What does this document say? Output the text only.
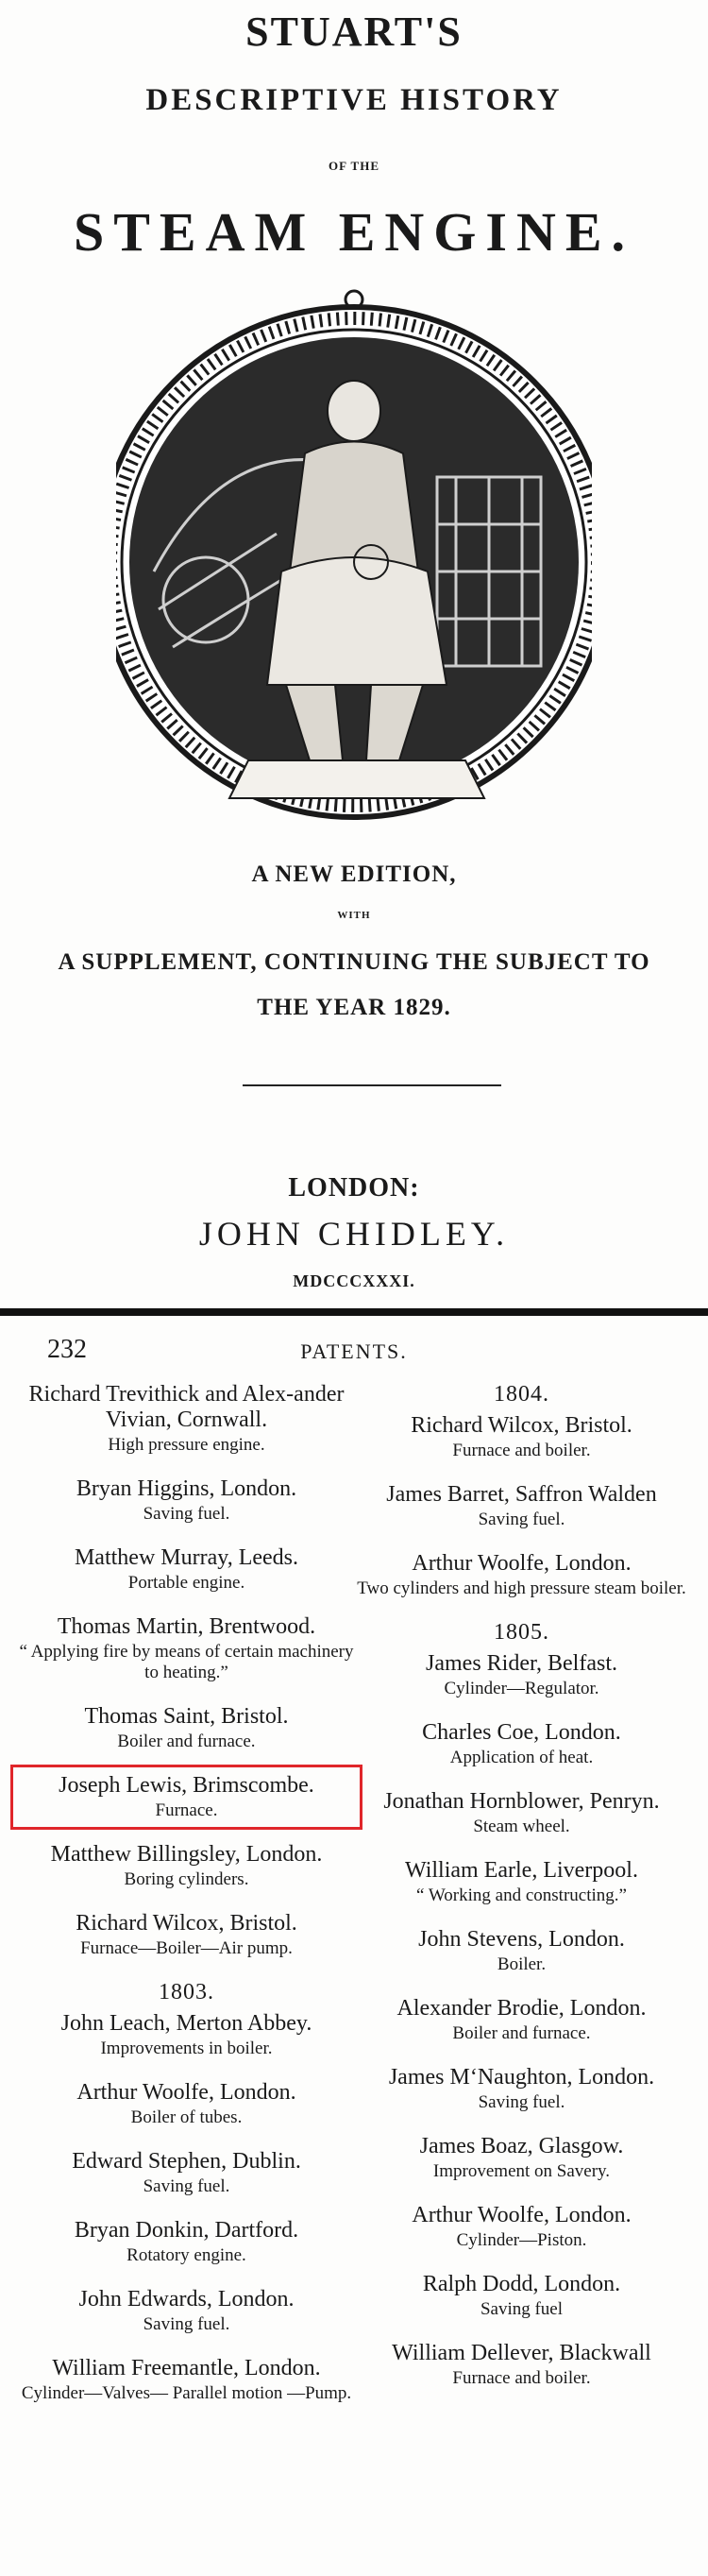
STUART'S
DESCRIPTIVE HISTORY
OF THE
STEAM ENGINE.
A NEW EDITION,
WITH
A SUPPLEMENT, CONTINUING THE SUBJECT TO
THE YEAR 1829.
LONDON:
JOHN CHIDLEY.
MDCCCXXXI.
232	PATENTS.
Richard Trevithick and Alex-ander Vivian, Cornwall.
High pressure engine.
Bryan Higgins, London.
Saving fuel.
Matthew Murray, Leeds.
Portable engine.
Thomas Martin, Brentwood.
“ Applying fire by means of certain machinery to heating.”
Thomas Saint, Bristol.
Boiler and furnace.
Joseph Lewis, Brimscombe.
Furnace.
Matthew Billingsley, London.
Boring cylinders.
Richard Wilcox, Bristol.
Furnace—Boiler—Air pump.
1803.
John Leach, Merton Abbey.
Improvements in boiler.
Arthur Woolfe, London.
Boiler of tubes.
Edward Stephen, Dublin.
Saving fuel.
Bryan Donkin, Dartford.
Rotatory engine.
John Edwards, London.
Saving fuel.
William Freemantle, London.
Cylinder—Valves— Parallel motion —Pump.
1804.
Richard Wilcox, Bristol.
Furnace and boiler.
James Barret, Saffron Walden
Saving fuel.
Arthur Woolfe, London.
Two cylinders and high pressure steam boiler.
1805.
James Rider, Belfast.
Cylinder—Regulator.
Charles Coe, London.
Application of heat.
Jonathan Hornblower, Penryn.
Steam wheel.
William Earle, Liverpool.
“ Working and constructing.”
John Stevens, London.
Boiler.
Alexander Brodie, London.
Boiler and furnace.
James M‘Naughton, London.
Saving fuel.
James Boaz, Glasgow.
Improvement on Savery.
Arthur Woolfe, London.
Cylinder—Piston.
Ralph Dodd, London.
Saving fuel
William Dellever, Blackwall
Furnace and boiler.
